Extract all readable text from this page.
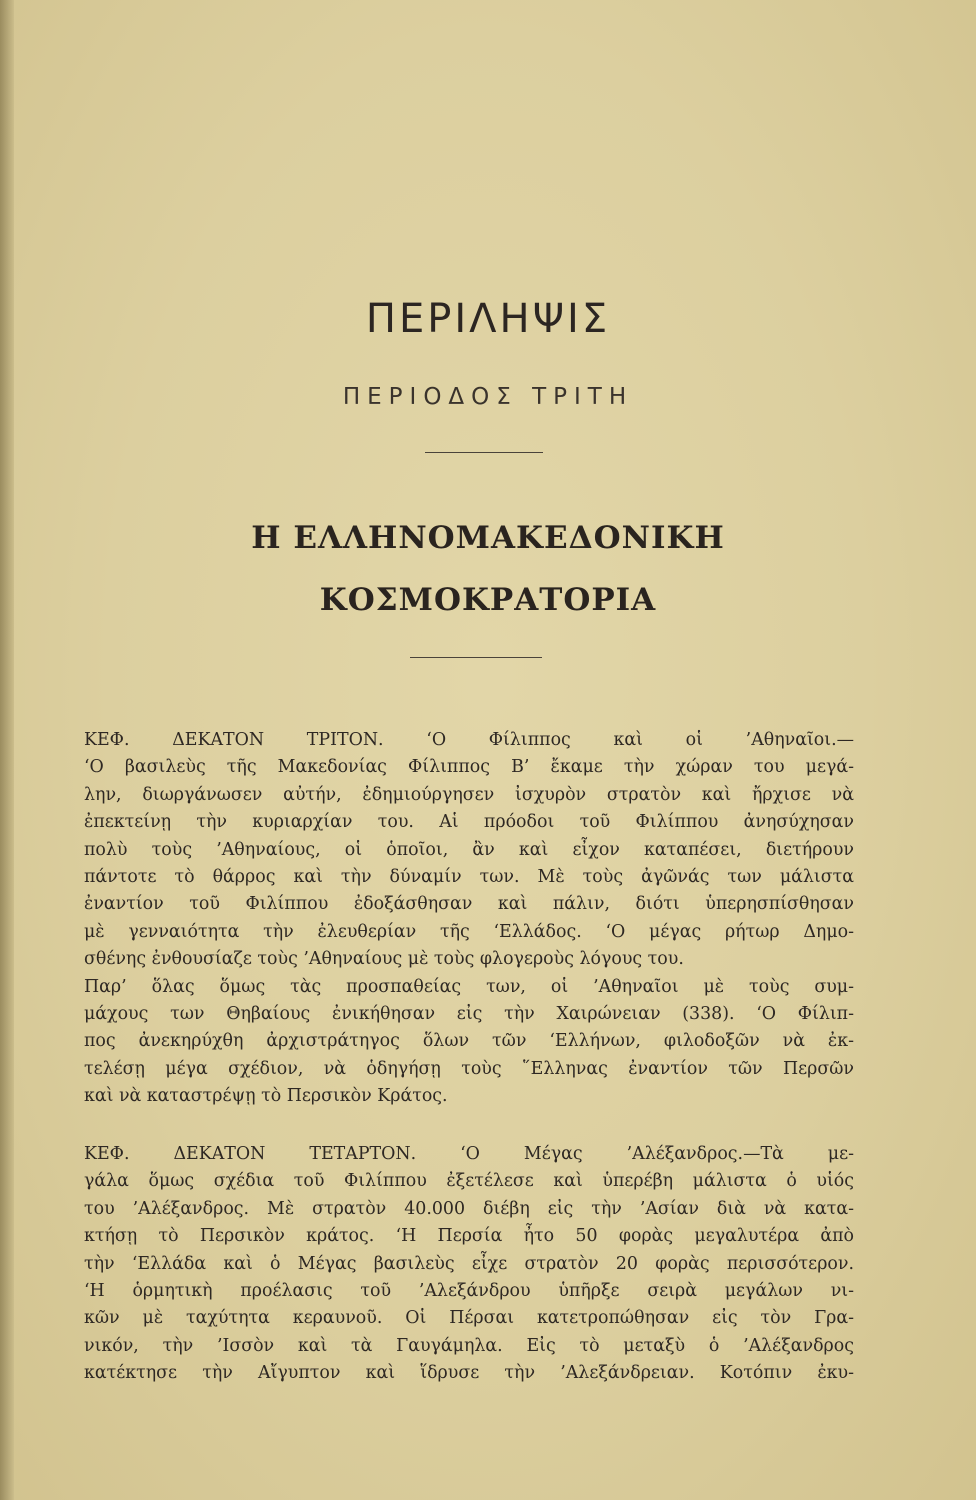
ΠΕΡΙΛΗΨΙΣ
ΠΕΡΙΟΔΟΣ ΤΡΙΤΗ
Η ΕΛΛΗΝΟΜΑΚΕΔΟΝΙΚΗ
ΚΟΣΜΟΚΡΑΤΟΡΙΑ
ΚΕΦ. ΔΕΚΑΤΟΝ ΤΡΙΤΟΝ. ‘Ο Φίλιππος καὶ οἱ ’Αθηναῖοι.—
‘Ο βασιλεὺς τῆς Μακεδονίας Φίλιππος Β’ ἔκαμε τὴν χώραν του μεγά-
λην, διωργάνωσεν αὐτήν, ἐδημιούργησεν ἰσχυρὸν στρατὸν καὶ ἤρχισε νὰ
ἐπεκτείνῃ τὴν κυριαρχίαν του. Αἱ πρόοδοι τοῦ Φιλίππου ἀνησύχησαν
πολὺ τοὺς ’Αθηναίους, οἱ ὁποῖοι, ἂν καὶ εἶχον καταπέσει, διετήρουν
πάντοτε τὸ θάρρος καὶ τὴν δύναμίν των. Μὲ τοὺς ἀγῶνάς των μάλιστα
ἐναντίον τοῦ Φιλίππου ἐδοξάσθησαν καὶ πάλιν, διότι ὑπερησπίσθησαν
μὲ γενναιότητα τὴν ἐλευθερίαν τῆς ‘Ελλάδος. ‘Ο μέγας ρήτωρ Δημο-
σθένης ἐνθουσίαζε τοὺς ’Αθηναίους μὲ τοὺς φλογεροὺς λόγους του.
Παρ’ ὅλας ὅμως τὰς προσπαθείας των, οἱ ’Αθηναῖοι μὲ τοὺς συμ-
μάχους των Θηβαίους ἐνικήθησαν εἰς τὴν Χαιρώνειαν (338). ‘Ο Φίλιπ-
πος ἀνεκηρύχθη ἀρχιστράτηγος ὅλων τῶν ‘Ελλήνων, φιλοδοξῶν νὰ ἐκ-
τελέσῃ μέγα σχέδιον, νὰ ὁδηγήσῃ τοὺς ῞Ελληνας ἐναντίον τῶν Περσῶν
καὶ νὰ καταστρέψῃ τὸ Περσικὸν Κράτος.
ΚΕΦ. ΔΕΚΑΤΟΝ ΤΕΤΑΡΤΟΝ. ‘Ο Μέγας ’Αλέξανδρος.—Τὰ με-
γάλα ὅμως σχέδια τοῦ Φιλίππου ἐξετέλεσε καὶ ὑπερέβη μάλιστα ὁ υἱός
του ’Αλέξανδρος. Μὲ στρατὸν 40.000 διέβη εἰς τὴν ’Ασίαν διὰ νὰ κατα-
κτήσῃ τὸ Περσικὸν κράτος. ‘Η Περσία ἦτο 50 φορὰς μεγαλυτέρα ἀπὸ
τὴν ‘Ελλάδα καὶ ὁ Μέγας βασιλεὺς εἶχε στρατὸν 20 φορὰς περισσότερον.
‘Η ὁρμητικὴ προέλασις τοῦ ’Αλεξάνδρου ὑπῆρξε σειρὰ μεγάλων νι-
κῶν μὲ ταχύτητα κεραυνοῦ. Οἱ Πέρσαι κατετροπώθησαν εἰς τὸν Γρα-
νικόν, τὴν ’Ισσὸν καὶ τὰ Γαυγάμηλα. Εἰς τὸ μεταξὺ ὁ ’Αλέξανδρος
κατέκτησε τὴν Αἴγυπτον καὶ ἵδρυσε τὴν ’Αλεξάνδρειαν. Κοτόπιν ἐκυ-
